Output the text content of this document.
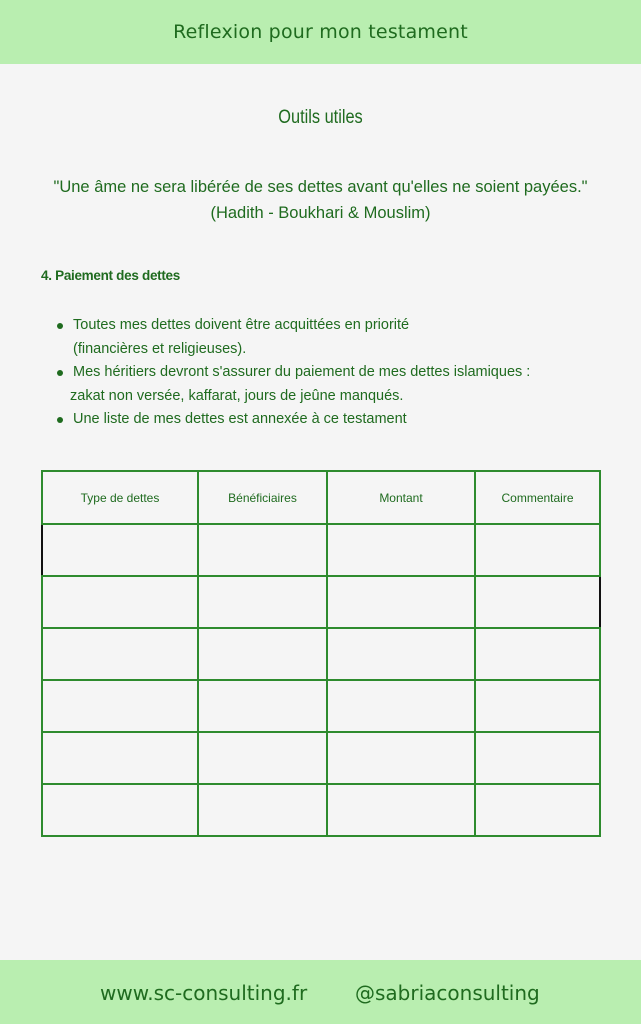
Reflexion pour mon testament
Outils utiles
"Une âme ne sera libérée de ses dettes avant qu'elles ne soient payées."
(Hadith - Boukhari & Mouslim)
4. Paiement des dettes
Toutes mes dettes doivent être acquittées en priorité
(financières et religieuses).
Mes héritiers devront s'assurer du paiement de mes dettes islamiques :
zakat non versée, kaffarat, jours de jeûne manqués.
Une liste de mes dettes est annexée à ce testament
Type de dettes	Bénéficiaires	Montant	Commentaire

www.sc-consulting.fr @sabriaconsulting
